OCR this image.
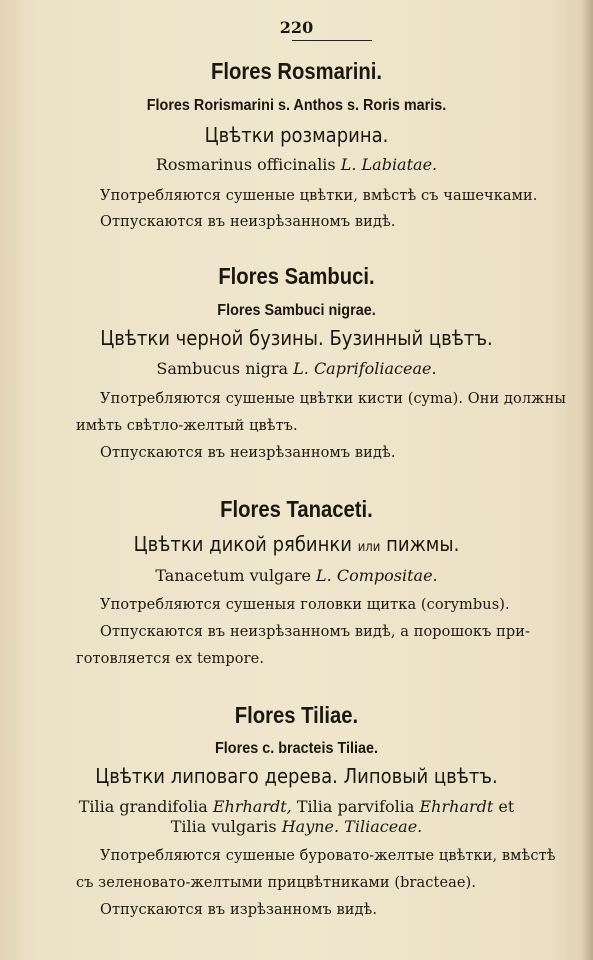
220
Flores Rosmarini.
Flores Rorismarini s. Anthos s. Roris maris.
Цвѣтки розмарина.
Rosmarinus officinalis L. Labiatae.
Употребляются сушеные цвѣтки, вмѣстѣ съ чашечками.
Отпускаются въ неизрѣзанномъ видѣ.
Flores Sambuci.
Flores Sambuci nigrae.
Цвѣтки черной бузины. Бузинный цвѣтъ.
Sambucus nigra L. Caprifoliaceae.
Употребляются сушеные цвѣтки кисти (cyma). Они должны
имѣть свѣтло-желтый цвѣтъ.
Отпускаются въ неизрѣзанномъ видѣ.
Flores Tanaceti.
Цвѣтки дикой рябинки или пижмы.
Tanacetum vulgare L. Compositae.
Употребляются сушеныя головки щитка (corymbus).
Отпускаются въ неизрѣзанномъ видѣ, а порошокъ при-
готовляется ex tempore.
Flores Tiliae.
Flores c. bracteis Tiliae.
Цвѣтки липоваго дерева. Липовый цвѣтъ.
Tilia grandifolia Ehrhardt, Tilia parvifolia Ehrhardt et
Tilia vulgaris Hayne. Tiliaceae.
Употребляются сушеные буровато-желтые цвѣтки, вмѣстѣ
съ зеленовато-желтыми прицвѣтниками (bracteae).
Отпускаются въ изрѣзанномъ видѣ.
